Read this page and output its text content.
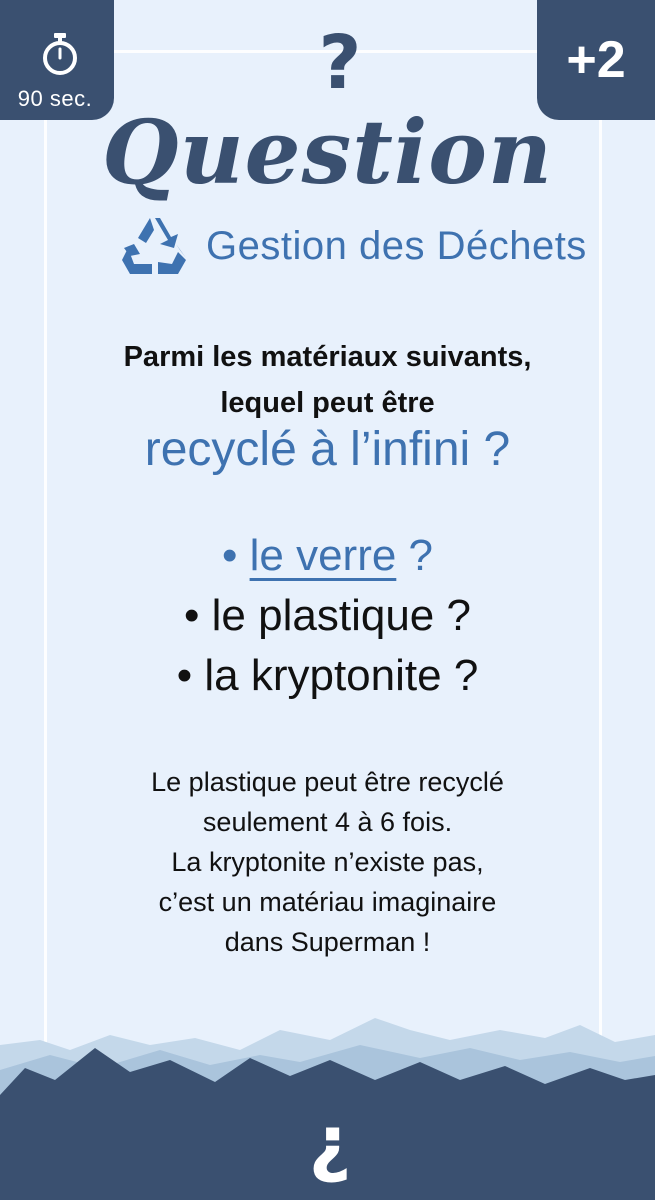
90 sec.
+2
?
Question
Gestion des Déchets
Parmi les matériaux suivants,
lequel peut être
recyclé à l’infini ?
• le verre ?
• le plastique ?
• la kryptonite ?
Le plastique peut être recyclé
seulement 4 à 6 fois.
La kryptonite n’existe pas,
c’est un matériau imaginaire
dans Superman !
¿
